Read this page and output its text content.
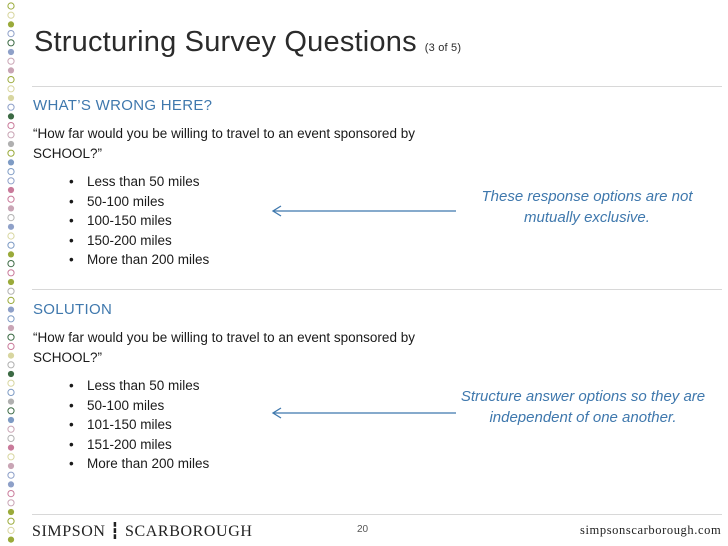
Structuring Survey Questions (3 of 5)
WHAT’S WRONG HERE?
“How far would you be willing to travel to an event sponsored by SCHOOL?”
• Less than 50 miles
• 50-100 miles
• 100-150 miles
• 150-200 miles
• More than 200 miles
These response options are not mutually exclusive.
SOLUTION
“How far would you be willing to travel to an event sponsored by SCHOOL?”
• Less than 50 miles
• 50-100 miles
• 101-150 miles
• 151-200 miles
• More than 200 miles
Structure answer options so they are independent of one another.
SIMPSON ┇ SCARBOROUGH	20	simpsonscarborough.com
